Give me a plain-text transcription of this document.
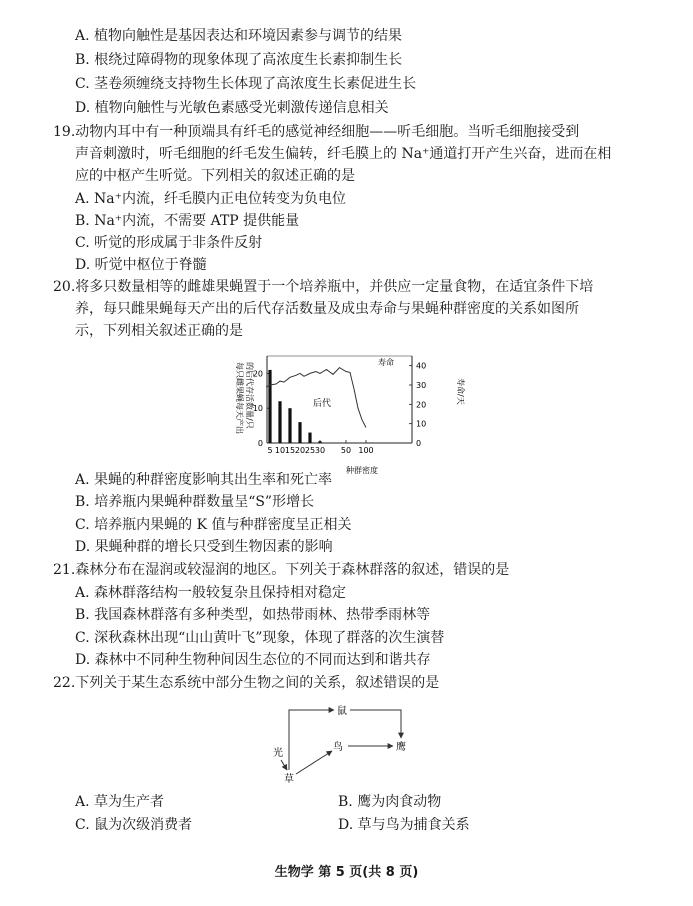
A. 植物向触性是基因表达和环境因素参与调节的结果
B. 根绕过障碍物的现象体现了高浓度生长素抑制生长
C. 茎卷须缠绕支持物生长体现了高浓度生长素促进生长
D. 植物向触性与光敏色素感受光刺激传递信息相关
19.动物内耳中有一种顶端具有纤毛的感觉神经细胞——听毛细胞。当听毛细胞接受到
声音刺激时，听毛细胞的纤毛发生偏转，纤毛膜上的 Na⁺通道打开产生兴奋，进而在相
应的中枢产生听觉。下列相关的叙述正确的是
A. Na⁺内流，纤毛膜内正电位转变为负电位
B. Na⁺内流，不需要 ATP 提供能量
C. 听觉的形成属于非条件反射
D. 听觉中枢位于脊髓
20.将多只数量相等的雌雄果蝇置于一个培养瓶中，并供应一定量食物，在适宜条件下培
养，每只雌果蝇每天产出的后代存活数量及成虫寿命与果蝇种群密度的关系如图所
示，下列相关叙述正确的是
每只雌果蝇每天产出 的后代存活数量/只	寿命/天
种群密度
0
10
20
0
10
20
30
40
5 10 15 20 25 30 50 100
后代
寿命
A. 果蝇的种群密度影响其出生率和死亡率
B. 培养瓶内果蝇种群数量呈“S”形增长
C. 培养瓶内果蝇的 K 值与种群密度呈正相关
D. 果蝇种群的增长只受到生物因素的影响
21.森林分布在湿润或较湿润的地区。下列关于森林群落的叙述，错误的是
A. 森林群落结构一般较复杂且保持相对稳定
B. 我国森林群落有多种类型，如热带雨林、热带季雨林等
C. 深秋森林出现“山山黄叶飞”现象，体现了群落的次生演替
D. 森林中不同种生物种间因生态位的不同而达到和谐共存
22.下列关于某生态系统中部分生物之间的关系，叙述错误的是
鼠
鸟	鹰
光
草
A. 草为生产者	B. 鹰为肉食动物
C. 鼠为次级消费者	D. 草与鸟为捕食关系
生物学 第 5 页(共 8 页)
